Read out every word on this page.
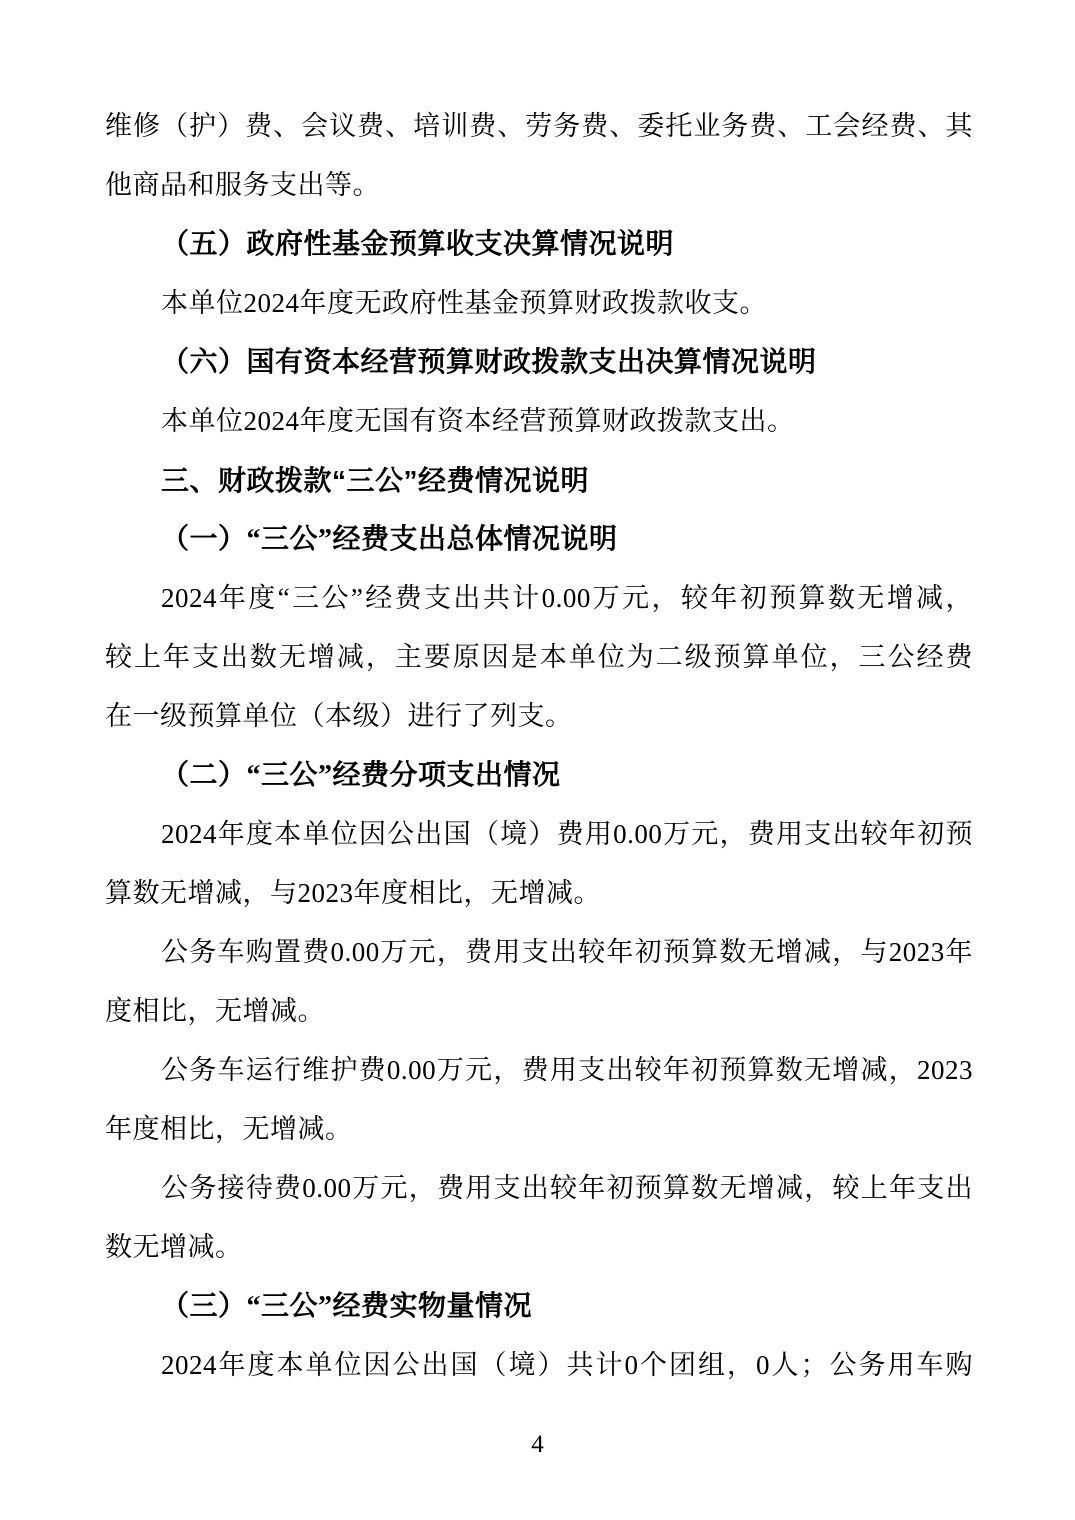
维修（护）费、会议费、培训费、劳务费、委托业务费、工会经费、其
他商品和服务支出等。
（五）政府性基金预算收支决算情况说明
本单位2024年度无政府性基金预算财政拨款收支。
（六）国有资本经营预算财政拨款支出决算情况说明
本单位2024年度无国有资本经营预算财政拨款支出。
三、财政拨款“三公”经费情况说明
（一）“三公”经费支出总体情况说明
2024年度“三公”经费支出共计0.00万元，较年初预算数无增减，
较上年支出数无增减，主要原因是本单位为二级预算单位，三公经费
在一级预算单位（本级）进行了列支。
（二）“三公”经费分项支出情况
2024年度本单位因公出国（境）费用0.00万元，费用支出较年初预
算数无增减，与2023年度相比，无增减。
公务车购置费0.00万元，费用支出较年初预算数无增减，与2023年
度相比，无增减。
公务车运行维护费0.00万元，费用支出较年初预算数无增减，2023
年度相比，无增减。
公务接待费0.00万元，费用支出较年初预算数无增减，较上年支出
数无增减。
（三）“三公”经费实物量情况
2024年度本单位因公出国（境）共计0个团组，0人；公务用车购
4
